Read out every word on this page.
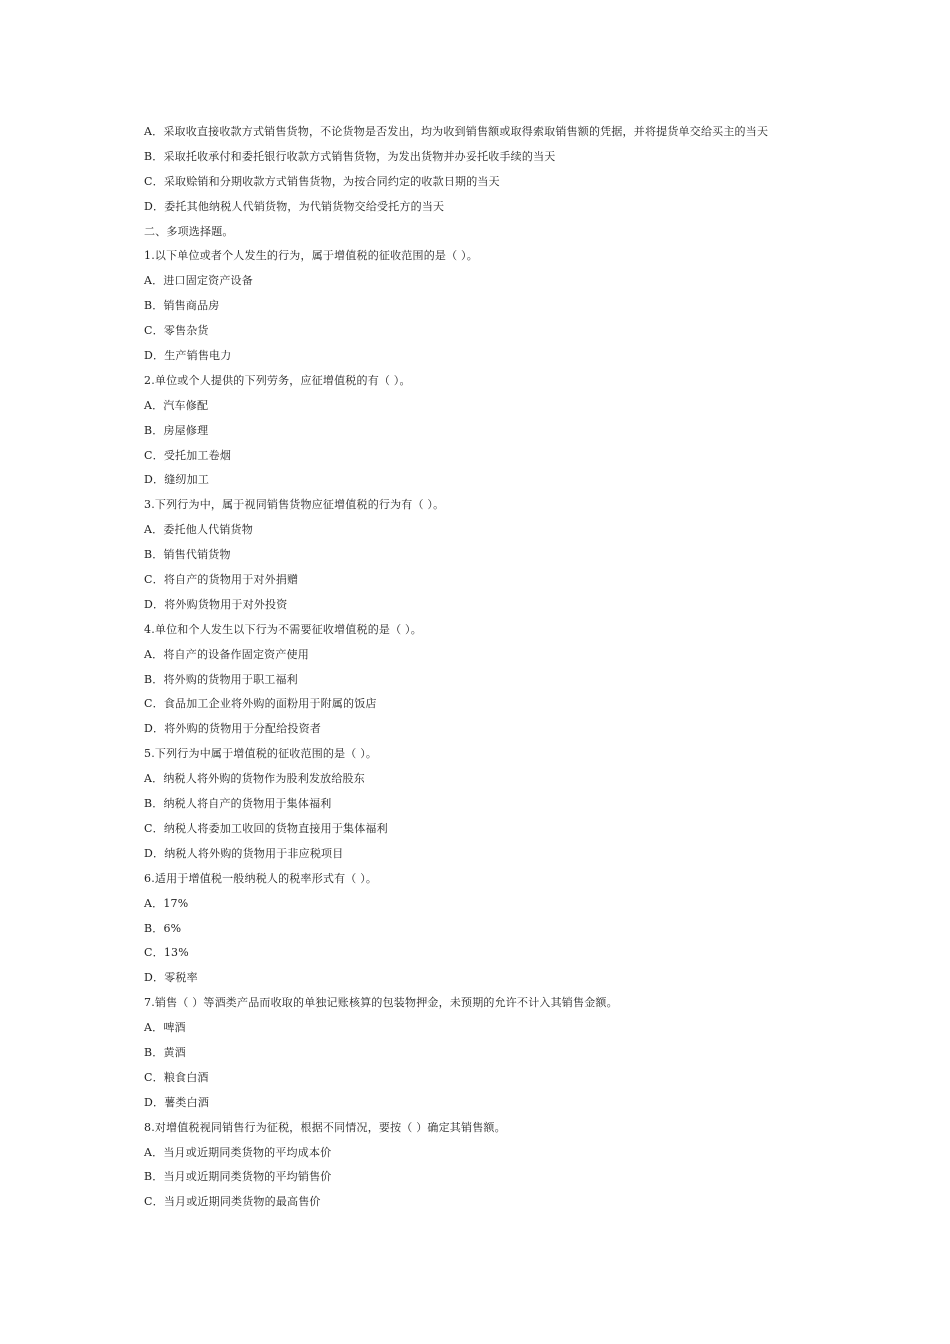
A．采取收直接收款方式销售货物，不论货物是否发出，均为收到销售额或取得索取销售额的凭据，并将提货单交给买主的当天
B．采取托收承付和委托银行收款方式销售货物，为发出货物并办妥托收手续的当天
C．采取赊销和分期收款方式销售货物，为按合同约定的收款日期的当天
D．委托其他纳税人代销货物，为代销货物交给受托方的当天
二、多项选择题。
1.以下单位或者个人发生的行为，属于增值税的征收范围的是（ ）。
A．进口固定资产设备
B．销售商品房
C．零售杂货
D．生产销售电力
2.单位或个人提供的下列劳务，应征增值税的有（ ）。
A．汽车修配
B．房屋修理
C．受托加工卷烟
D．缝纫加工
3.下列行为中，属于视同销售货物应征增值税的行为有（ ）。
A．委托他人代销货物
B．销售代销货物
C．将自产的货物用于对外捐赠
D．将外购货物用于对外投资
4.单位和个人发生以下行为不需要征收增值税的是（ ）。
A．将自产的设备作固定资产使用
B．将外购的货物用于职工福利
C．食品加工企业将外购的面粉用于附属的饭店
D．将外购的货物用于分配给投资者
5.下列行为中属于增值税的征收范围的是（ ）。
A．纳税人将外购的货物作为股利发放给股东
B．纳税人将自产的货物用于集体福利
C．纳税人将委加工收回的货物直接用于集体福利
D．纳税人将外购的货物用于非应税项目
6.适用于增值税一般纳税人的税率形式有（ ）。
A．17%
B．6%
C．13%
D．零税率
7.销售（ ）等酒类产品而收取的单独记账核算的包装物押金，未预期的允许不计入其销售金额。
A．啤酒
B．黄酒
C．粮食白酒
D．薯类白酒
8.对增值税视同销售行为征税，根据不同情况，要按（ ）确定其销售额。
A．当月或近期同类货物的平均成本价
B．当月或近期同类货物的平均销售价
C．当月或近期同类货物的最高售价
